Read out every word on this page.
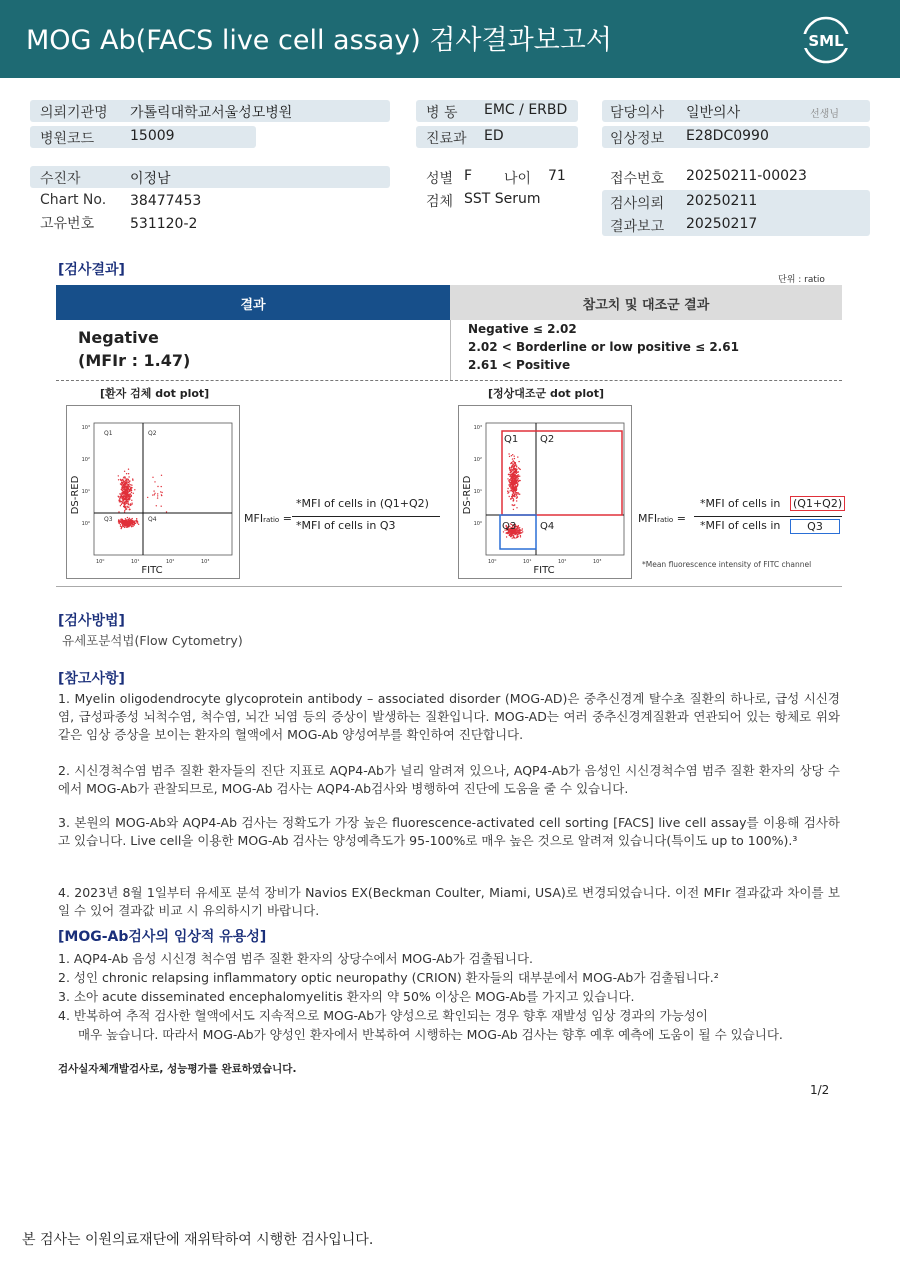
MOG Ab(FACS live cell assay) 검사결과보고서	SML
의뢰기관명 가톨릭대학교서울성모병원
병원코드	15009
수진자	이정남
Chart No. 38477453
고유번호	531120-2
병 동 EMC / ERBD
진료과 ED
성별 F 나이 71
검체 SST Serum
담당의사 일반의사	선생님
임상정보 E28DC0990
접수번호 20250211-00023
검사의뢰 20250211
결과보고 20250217
[검사결과]
단위 : ratio
결과	참고치 및 대조군 결과
Negative
(MFIr : 1.47)
Negative ≤ 2.02
2.02 < Borderline or low positive ≤ 2.61
2.61 < Positive
[환자 검체 dot plot]	[정상대조군 dot plot]
Q1	Q2
Q3	Q4
10³
10²
10¹
10⁰
10⁰	10¹	10²	10³
FITC
DS-RED
MFIratio =
*MFI of cells in (Q1+Q2)
*MFI of cells in Q3
Q1 Q2
Q3 Q4
10³
10²
10¹
10⁰
10⁰	10¹	10²	10³
FITC
DS-RED
MFIratio =
*MFI of cells in (Q1+Q2)
*MFI of cells in	Q3
*Mean fluorescence intensity of FITC channel
[검사방법]
유세포분석법(Flow Cytometry)
[참고사항]
1. Myelin oligodendrocyte glycoprotein antibody – associated disorder (MOG-AD)은 중추신경계 탈수초 질환의 하나로, 급성 시신경염, 급성파종성 뇌척수염, 척수염, 뇌간 뇌염 등의 증상이 발생하는 질환입니다. MOG-AD는 여러 중추신경계질환과 연관되어 있는 항체로 위와 같은 임상 증상을 보이는 환자의 혈액에서 MOG-Ab 양성여부를 확인하여 진단합니다.
2. 시신경척수염 범주 질환 환자들의 진단 지표로 AQP4-Ab가 널리 알려져 있으나, AQP4-Ab가 음성인 시신경척수염 범주 질환 환자의 상당 수에서 MOG-Ab가 관찰되므로, MOG-Ab 검사는 AQP4-Ab검사와 병행하여 진단에 도움을 줄 수 있습니다.
3. 본원의 MOG-Ab와 AQP4-Ab 검사는 정확도가 가장 높은 fluorescence-activated cell sorting [FACS] live cell assay를 이용해 검사하고 있습니다. Live cell을 이용한 MOG-Ab 검사는 양성예측도가 95-100%로 매우 높은 것으로 알려져 있습니다(특이도 up to 100%).³
4. 2023년 8월 1일부터 유세포 분석 장비가 Navios EX(Beckman Coulter, Miami, USA)로 변경되었습니다. 이전 MFIr 결과값과 차이를 보일 수 있어 결과값 비교 시 유의하시기 바랍니다.
[MOG-Ab검사의 임상적 유용성]
1. AQP4-Ab 음성 시신경 척수염 범주 질환 환자의 상당수에서 MOG-Ab가 검출됩니다.
2. 성인 chronic relapsing inflammatory optic neuropathy (CRION) 환자들의 대부분에서 MOG-Ab가 검출됩니다.²
3. 소아 acute disseminated encephalomyelitis 환자의 약 50% 이상은 MOG-Ab를 가지고 있습니다.
4. 반복하여 추적 검사한 혈액에서도 지속적으로 MOG-Ab가 양성으로 확인되는 경우 향후 재발성 임상 경과의 가능성이
매우 높습니다. 따라서 MOG-Ab가 양성인 환자에서 반복하여 시행하는 MOG-Ab 검사는 향후 예후 예측에 도움이 될 수 있습니다.
검사실자체개발검사로, 성능평가를 완료하였습니다.
1/2
본 검사는 이원의료재단에 재위탁하여 시행한 검사입니다.
